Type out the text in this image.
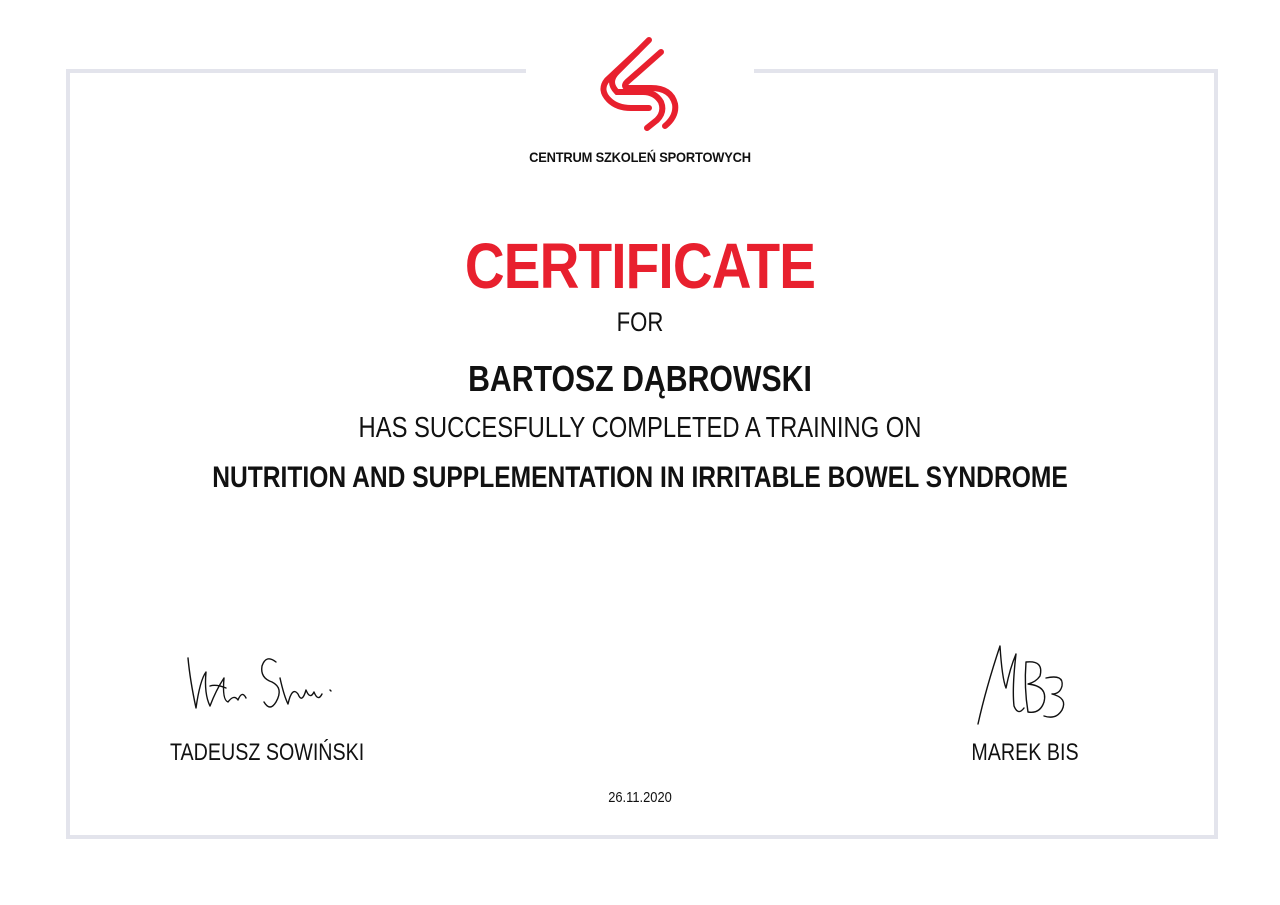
CENTRUM SZKOLEŃ SPORTOWYCH
CERTIFICATE
FOR
BARTOSZ DĄBROWSKI
HAS SUCCESFULLY COMPLETED A TRAINING ON
NUTRITION AND SUPPLEMENTATION IN IRRITABLE BOWEL SYNDROME
TADEUSZ SOWIŃSKI	MAREK BIS
26.11.2020
